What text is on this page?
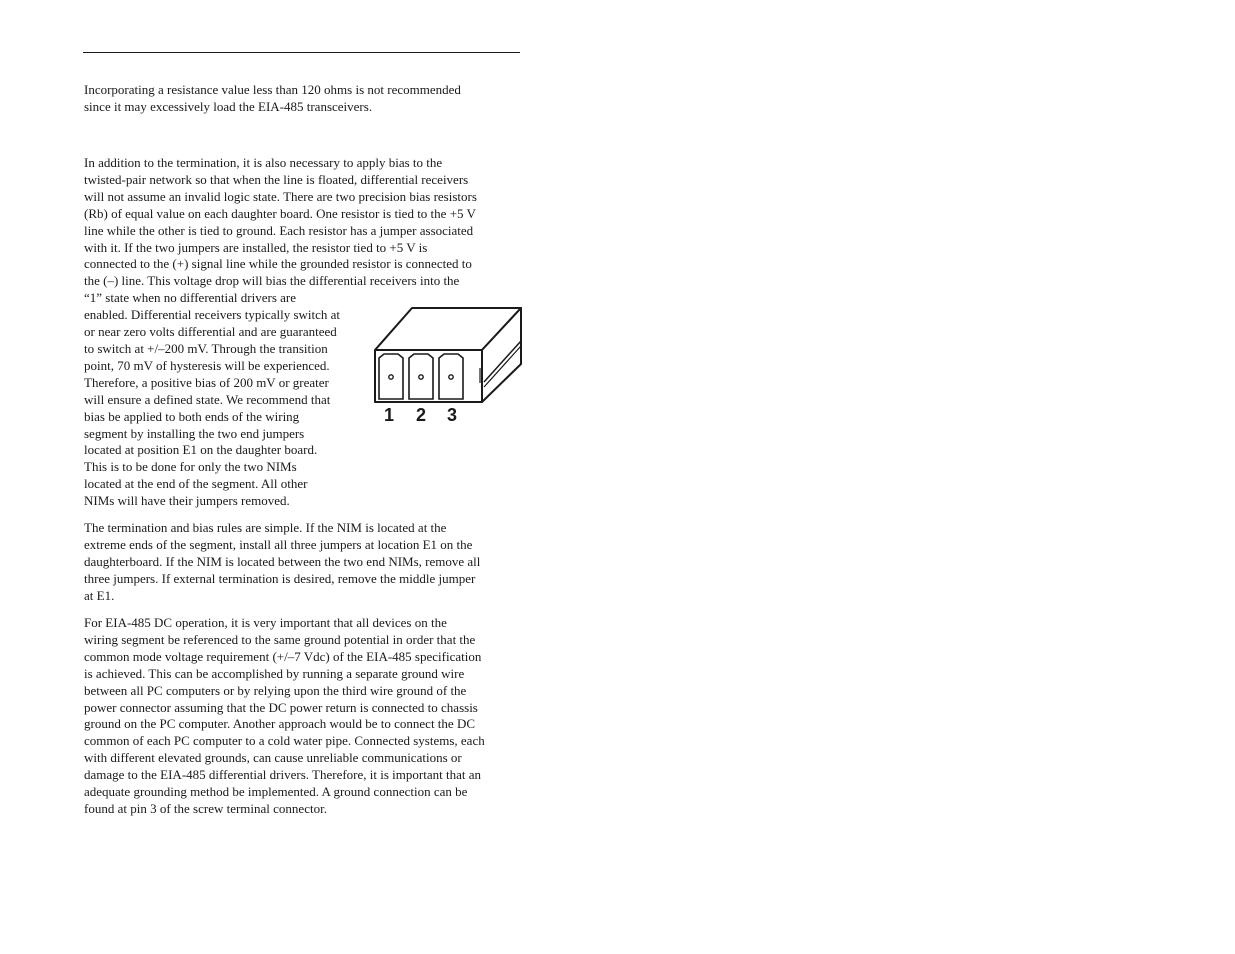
Incorporating a resistance value less than 120 ohms is not recommended
since it may excessively load the EIA-485 transceivers.

In addition to the termination, it is also necessary to apply bias to the
twisted-pair network so that when the line is floated, differential receivers
will not assume an invalid logic state. There are two precision bias resistors
(Rb) of equal value on each daughter board. One resistor is tied to the +5 V
line while the other is tied to ground. Each resistor has a jumper associated
with it. If the two jumpers are installed, the resistor tied to +5 V is
connected to the (+) signal line while the grounded resistor is connected to
the (–) line. This voltage drop will bias the differential receivers into the
“1” state when no differential drivers are
enabled. Differential receivers typically switch at
or near zero volts differential and are guaranteed
to switch at +/–200 mV. Through the transition
point, 70 mV of hysteresis will be experienced.
Therefore, a positive bias of 200 mV or greater
will ensure a defined state. We recommend that
bias be applied to both ends of the wiring
segment by installing the two end jumpers
located at position E1 on the daughter board.
This is to be done for only the two NIMs
located at the end of the segment. All other
NIMs will have their jumpers removed.

1 2 3

The termination and bias rules are simple. If the NIM is located at the
extreme ends of the segment, install all three jumpers at location E1 on the
daughterboard. If the NIM is located between the two end NIMs, remove all
three jumpers. If external termination is desired, remove the middle jumper
at E1.

For EIA-485 DC operation, it is very important that all devices on the
wiring segment be referenced to the same ground potential in order that the
common mode voltage requirement (+/–7 Vdc) of the EIA-485 specification
is achieved. This can be accomplished by running a separate ground wire
between all PC computers or by relying upon the third wire ground of the
power connector assuming that the DC power return is connected to chassis
ground on the PC computer. Another approach would be to connect the DC
common of each PC computer to a cold water pipe. Connected systems, each
with different elevated grounds, can cause unreliable communications or
damage to the EIA-485 differential drivers. Therefore, it is important that an
adequate grounding method be implemented. A ground connection can be
found at pin 3 of the screw terminal connector.
